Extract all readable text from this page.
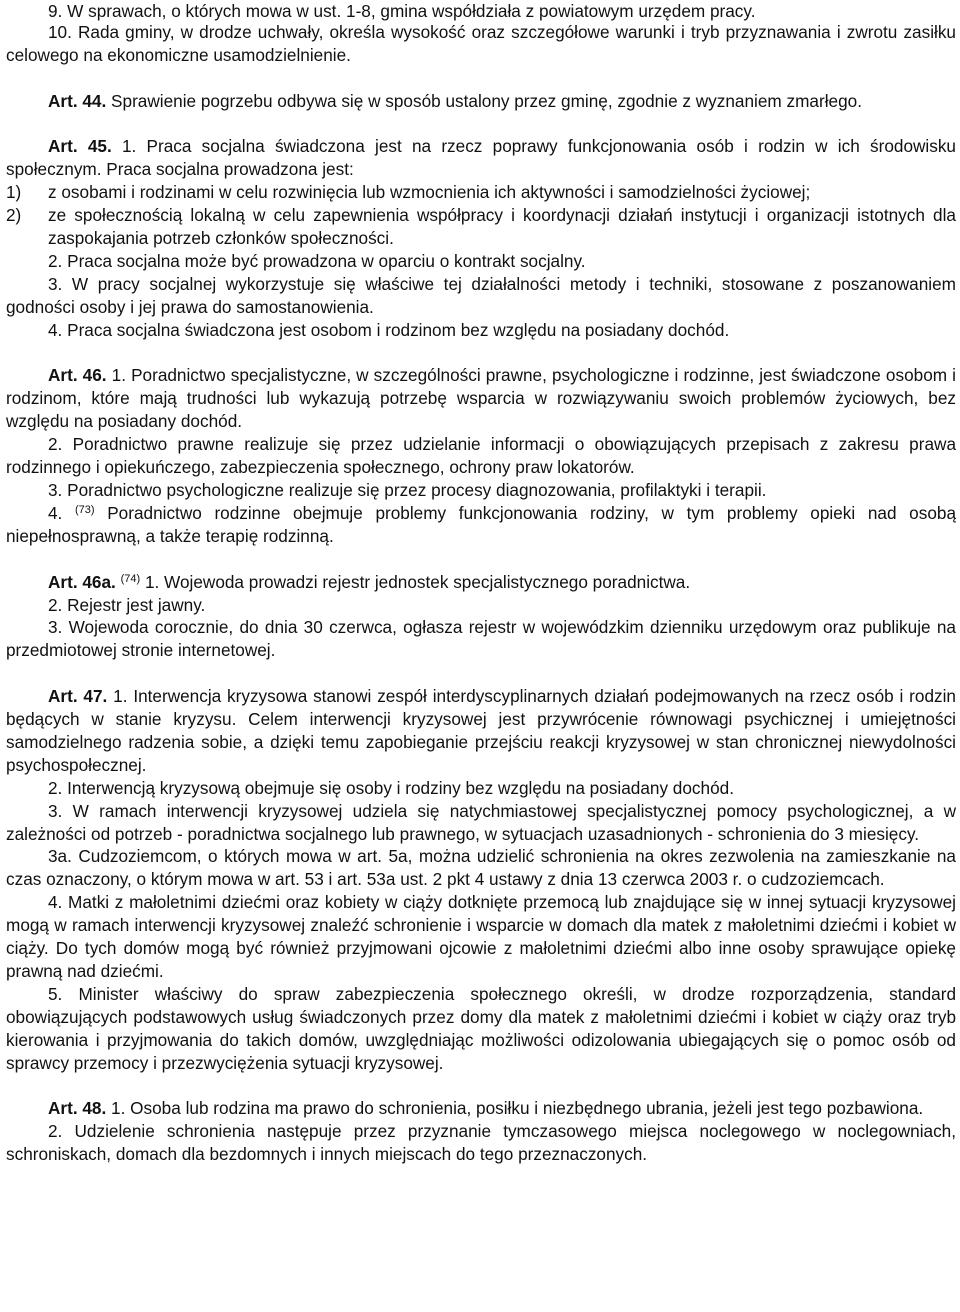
9. W sprawach, o których mowa w ust. 1-8, gmina współdziała z powiatowym urzędem pracy.

10. Rada gminy, w drodze uchwały, określa wysokość oraz szczegółowe warunki i tryb przyznawania i zwrotu zasiłku celowego na ekonomiczne usamodzielnienie.

Art. 44. Sprawienie pogrzebu odbywa się w sposób ustalony przez gminę, zgodnie z wyznaniem zmarłego.

Art. 45. 1. Praca socjalna świadczona jest na rzecz poprawy funkcjonowania osób i rodzin w ich środowisku społecznym. Praca socjalna prowadzona jest:

1) z osobami i rodzinami w celu rozwinięcia lub wzmocnienia ich aktywności i samodzielności życiowej;

2) ze społecznością lokalną w celu zapewnienia współpracy i koordynacji działań instytucji i organizacji istotnych dla zaspokajania potrzeb członków społeczności.

2. Praca socjalna może być prowadzona w oparciu o kontrakt socjalny.

3. W pracy socjalnej wykorzystuje się właściwe tej działalności metody i techniki, stosowane z poszanowaniem godności osoby i jej prawa do samostanowienia.

4. Praca socjalna świadczona jest osobom i rodzinom bez względu na posiadany dochód.

Art. 46. 1. Poradnictwo specjalistyczne, w szczególności prawne, psychologiczne i rodzinne, jest świadczone osobom i rodzinom, które mają trudności lub wykazują potrzebę wsparcia w rozwiązywaniu swoich problemów życiowych, bez względu na posiadany dochód.

2. Poradnictwo prawne realizuje się przez udzielanie informacji o obowiązujących przepisach z zakresu prawa rodzinnego i opiekuńczego, zabezpieczenia społecznego, ochrony praw lokatorów.

3. Poradnictwo psychologiczne realizuje się przez procesy diagnozowania, profilaktyki i terapii.

4. $^{(73)}$ Poradnictwo rodzinne obejmuje problemy funkcjonowania rodziny, w tym problemy opieki nad osobą niepełnosprawną, a także terapię rodzinną.

Art. 46a. $^{(74)}$ 1. Wojewoda prowadzi rejestr jednostek specjalistycznego poradnictwa.

2. Rejestr jest jawny.

3. Wojewoda corocznie, do dnia 30 czerwca, ogłasza rejestr w wojewódzkim dzienniku urzędowym oraz publikuje na przedmiotowej stronie internetowej.

Art. 47. 1. Interwencja kryzysowa stanowi zespół interdyscyplinarnych działań podejmowanych na rzecz osób i rodzin będących w stanie kryzysu. Celem interwencji kryzysowej jest przywrócenie równowagi psychicznej i umiejętności samodzielnego radzenia sobie, a dzięki temu zapobieganie przejściu reakcji kryzysowej w stan chronicznej niewydolności psychospołecznej.

2. Interwencją kryzysową obejmuje się osoby i rodziny bez względu na posiadany dochód.

3. W ramach interwencji kryzysowej udziela się natychmiastowej specjalistycznej pomocy psychologicznej, a w zależności od potrzeb - poradnictwa socjalnego lub prawnego, w sytuacjach uzasadnionych - schronienia do 3 miesięcy.

3a. Cudzoziemcom, o których mowa w art. 5a, można udzielić schronienia na okres zezwolenia na zamieszkanie na czas oznaczony, o którym mowa w art. 53 i art. 53a ust. 2 pkt 4 ustawy z dnia 13 czerwca 2003 r. o cudzoziemcach.

4. Matki z małoletnimi dziećmi oraz kobiety w ciąży dotknięte przemocą lub znajdujące się w innej sytuacji kryzysowej mogą w ramach interwencji kryzysowej znaleźć schronienie i wsparcie w domach dla matek z małoletnimi dziećmi i kobiet w ciąży. Do tych domów mogą być również przyjmowani ojcowie z małoletnimi dziećmi albo inne osoby sprawujące opiekę prawną nad dziećmi.

5. Minister właściwy do spraw zabezpieczenia społecznego określi, w drodze rozporządzenia, standard obowiązujących podstawowych usług świadczonych przez domy dla matek z małoletnimi dziećmi i kobiet w ciąży oraz tryb kierowania i przyjmowania do takich domów, uwzględniając możliwości odizolowania ubiegających się o pomoc osób od sprawcy przemocy i przezwyciężenia sytuacji kryzysowej.

Art. 48. 1. Osoba lub rodzina ma prawo do schronienia, posiłku i niezbędnego ubrania, jeżeli jest tego pozbawiona.

2. Udzielenie schronienia następuje przez przyznanie tymczasowego miejsca noclegowego w noclegowniach, schroniskach, domach dla bezdomnych i innych miejscach do tego przeznaczonych.
